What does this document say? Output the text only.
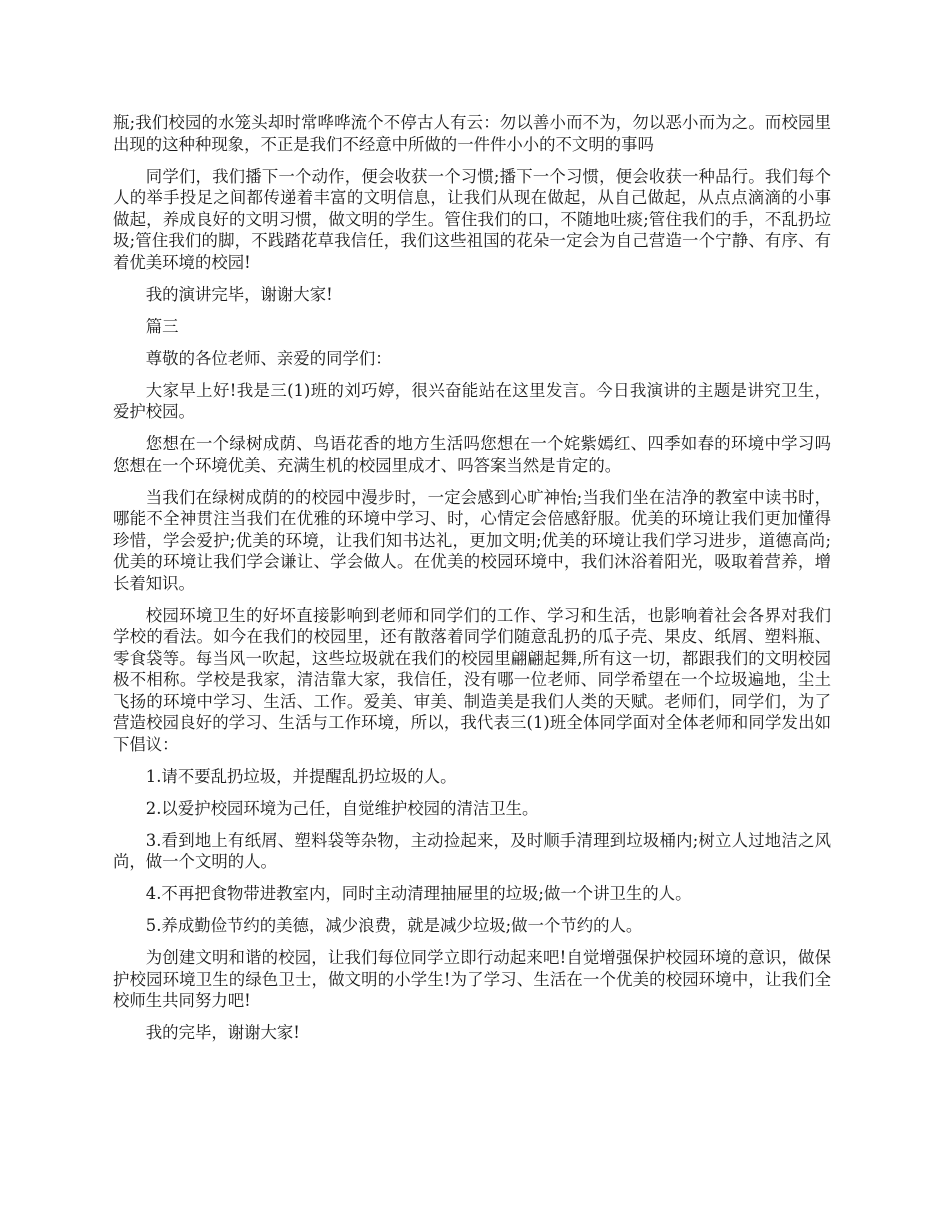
瓶;我们校园的水笼头却时常哗哗流个不停古人有云：勿以善小而不为，勿以恶小而为之。而校园里出现的这种种现象，不正是我们不经意中所做的一件件小小的不文明的事吗

同学们，我们播下一个动作，便会收获一个习惯;播下一个习惯，便会收获一种品行。我们每个人的举手投足之间都传递着丰富的文明信息，让我们从现在做起，从自己做起，从点点滴滴的小事做起，养成良好的文明习惯，做文明的学生。管住我们的口，不随地吐痰;管住我们的手，不乱扔垃圾;管住我们的脚，不践踏花草我信任，我们这些祖国的花朵一定会为自己营造一个宁静、有序、有着优美环境的校园!

我的演讲完毕，谢谢大家!

篇三

尊敬的各位老师、亲爱的同学们：

大家早上好!我是三(1)班的刘巧婷，很兴奋能站在这里发言。今日我演讲的主题是讲究卫生，爱护校园。

您想在一个绿树成荫、鸟语花香的地方生活吗您想在一个姹紫嫣红、四季如春的环境中学习吗您想在一个环境优美、充满生机的校园里成才、吗答案当然是肯定的。

当我们在绿树成荫的的校园中漫步时，一定会感到心旷神怡;当我们坐在洁净的教室中读书时，哪能不全神贯注当我们在优雅的环境中学习、时，心情定会倍感舒服。优美的环境让我们更加懂得珍惜，学会爱护;优美的环境，让我们知书达礼，更加文明;优美的环境让我们学习进步，道德高尚;优美的环境让我们学会谦让、学会做人。在优美的校园环境中，我们沐浴着阳光，吸取着营养，增长着知识。

校园环境卫生的好坏直接影响到老师和同学们的工作、学习和生活，也影响着社会各界对我们学校的看法。如今在我们的校园里，还有散落着同学们随意乱扔的瓜子壳、果皮、纸屑、塑料瓶、零食袋等。每当风一吹起，这些垃圾就在我们的校园里翩翩起舞,所有这一切，都跟我们的文明校园极不相称。学校是我家，清洁靠大家，我信任，没有哪一位老师、同学希望在一个垃圾遍地，尘土飞扬的环境中学习、生活、工作。爱美、审美、制造美是我们人类的天赋。老师们，同学们，为了营造校园良好的学习、生活与工作环境，所以，我代表三(1)班全体同学面对全体老师和同学发出如下倡议：

1.请不要乱扔垃圾，并提醒乱扔垃圾的人。

2.以爱护校园环境为己任，自觉维护校园的清洁卫生。

3.看到地上有纸屑、塑料袋等杂物，主动捡起来，及时顺手清理到垃圾桶内;树立人过地洁之风尚，做一个文明的人。

4.不再把食物带进教室内，同时主动清理抽屉里的垃圾;做一个讲卫生的人。

5.养成勤俭节约的美德，减少浪费，就是减少垃圾;做一个节约的人。

为创建文明和谐的校园，让我们每位同学立即行动起来吧!自觉增强保护校园环境的意识，做保护校园环境卫生的绿色卫士，做文明的小学生!为了学习、生活在一个优美的校园环境中，让我们全校师生共同努力吧!

我的完毕，谢谢大家!
